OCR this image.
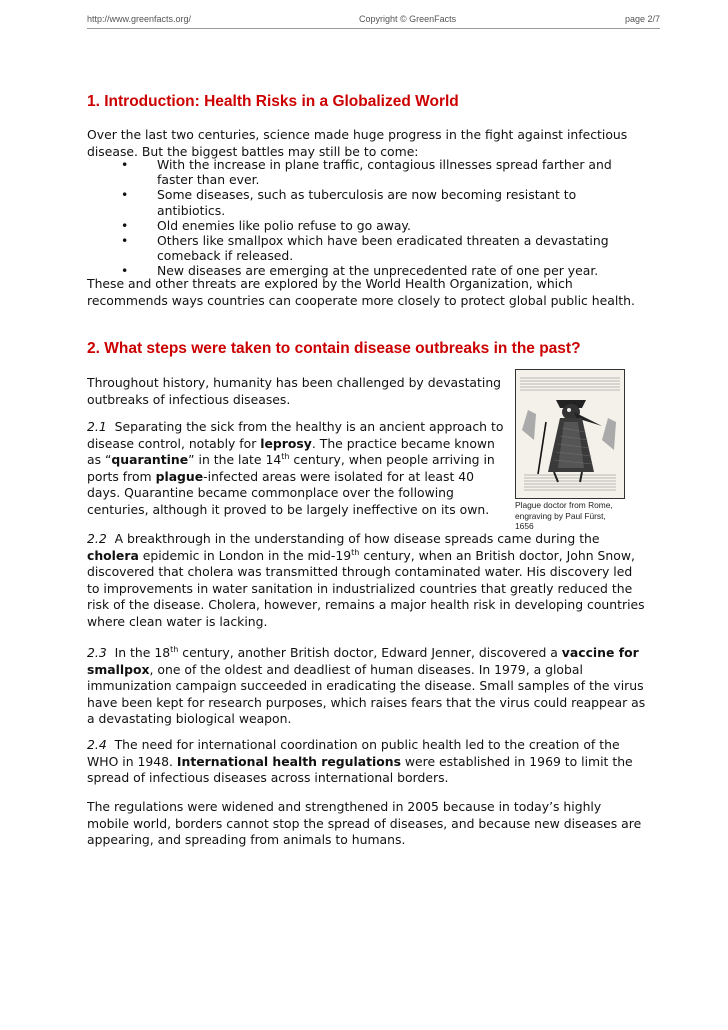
http://www.greenfacts.org/	Copyright © GreenFacts	page 2/7
1. Introduction: Health Risks in a Globalized World

Over the last two centuries, science made huge progress in the fight against infectious disease. But the biggest battles may still be to come:

• With the increase in plane traffic, contagious illnesses spread farther and faster than ever.
• Some diseases, such as tuberculosis are now becoming resistant to antibiotics.
• Old enemies like polio refuse to go away.
• Others like smallpox which have been eradicated threaten a devastating comeback if released.
• New diseases are emerging at the unprecedented rate of one per year.

These and other threats are explored by the World Health Organization, which recommends ways countries can cooperate more closely to protect global public health.

2. What steps were taken to contain disease outbreaks in the past?

Throughout history, humanity has been challenged by devastating outbreaks of infectious diseases.

2.1 Separating the sick from the healthy is an ancient approach to disease control, notably for leprosy. The practice became known as “quarantine” in the late 14th century, when people arriving in ports from plague-infected areas were isolated for at least 40 days. Quarantine became commonplace over the following centuries, although it proved to be largely ineffective on its own.	Plague doctor from Rome, engraving by Paul Fürst, 1656

2.2 A breakthrough in the understanding of how disease spreads came during the cholera epidemic in London in the mid-19th century, when an British doctor, John Snow, discovered that cholera was transmitted through contaminated water. His discovery led to improvements in water sanitation in industrialized countries that greatly reduced the risk of the disease. Cholera, however, remains a major health risk in developing countries where clean water is lacking.

2.3 In the 18th century, another British doctor, Edward Jenner, discovered a vaccine for smallpox, one of the oldest and deadliest of human diseases. In 1979, a global immunization campaign succeeded in eradicating the disease. Small samples of the virus have been kept for research purposes, which raises fears that the virus could reappear as a devastating biological weapon.

2.4 The need for international coordination on public health led to the creation of the WHO in 1948. International health regulations were established in 1969 to limit the spread of infectious diseases across international borders.

The regulations were widened and strengthened in 2005 because in today’s highly mobile world, borders cannot stop the spread of diseases, and because new diseases are appearing, and spreading from animals to humans.
